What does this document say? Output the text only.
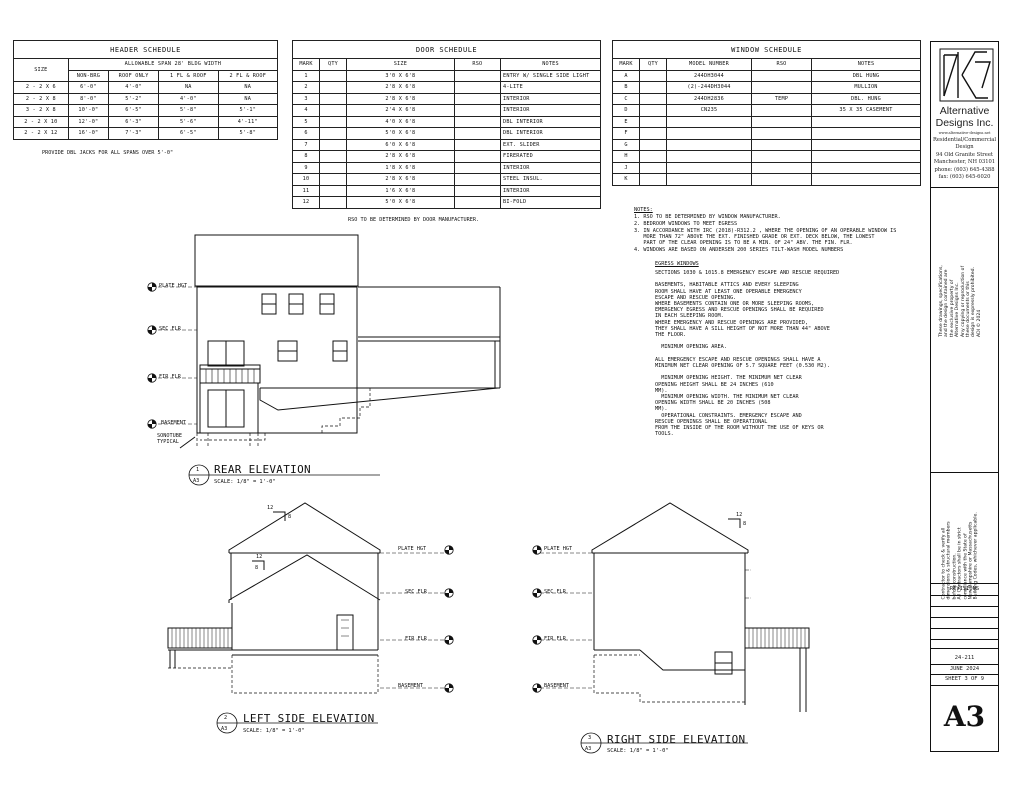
HEADER SCHEDULE				
SIZE	ALLOWABLE SPAN 28' BLDG WIDTH			
	NON-BRG	ROOF ONLY	1 FL & ROOF	2 FL & ROOF
2 - 2 X 6	6'-0"	4'-0"	NA	NA
2 - 2 X 8	8'-0"	5'-2"	4'-0"	NA
3 - 2 X 8	10'-0"	6'-5"	5'-8"	5'-1"
2 - 2 X 10	12'-0"	6'-3"	5'-6"	4'-11"
2 - 2 X 12	16'-0"	7'-3"	6'-5"	5'-8"
PROVIDE DBL JACKS FOR ALL SPANS OVER 5'-0"
DOOR SCHEDULE				
MARK	QTY	SIZE	RSO	NOTES
1		3'0 X 6'8		ENTRY W/ SINGLE SIDE LIGHT
2		2'8 X 6'8		4-LITE
3		2'8 X 6'8		INTERIOR
4		2'4 X 6'8		INTERIOR
5		4'0 X 6'8		DBL INTERIOR
6		5'0 X 6'8		DBL INTERIOR
7		6'0 X 6'8		EXT. SLIDER
8		2'8 X 6'8		FIRERATED
9		1'8 X 6'8		INTERIOR
10		2'8 X 6'8		STEEL INSUL.
11		1'6 X 6'8		INTERIOR
12		5'0 X 6'8		BI-FOLD
RSO TO BE DETERMINED BY DOOR MANUFACTURER.
WINDOW SCHEDULE				
MARK	QTY	MODEL NUMBER	RSO	NOTES
A		244DH3044		DBL HUNG
B		(2)-244DH3044		MULLION
C		244DH2836	TEMP	DBL. HUNG
D		CN235		35 X 35 CASEMENT
E				
F				
G				
H				
J				
K				
NOTES:
1. RSO TO BE DETERMINED BY WINDOW MANUFACTURER.
2. BEDROOM WINDOWS TO MEET EGRESS
3. IN ACCORDANCE WITH IRC (2018)-R312.2 , WHERE THE OPENING OF AN OPERABLE WINDOW IS
MORE THAN 72" ABOVE THE EXT. FINISHED GRADE OR EXT. DECK BELOW, THE LOWEST
PART OF THE CLEAR OPENING IS TO BE A MIN. OF 24" ABV. THE FIN. FLR.
4. WINDOWS ARE BASED ON ANDERSEN 200 SERIES TILT-WASH MODEL NUMBERS
EGRESS WINDOWS
SECTIONS 1030 & 1015.8 EMERGENCY ESCAPE AND RESCUE REQUIRED

BASEMENTS, HABITABLE ATTICS AND EVERY SLEEPING
ROOM SHALL HAVE AT LEAST ONE OPERABLE EMERGENCY
ESCAPE AND RESCUE OPENING.
WHERE BASEMENTS CONTAIN ONE OR MORE SLEEPING ROOMS,
EMERGENCY EGRESS AND RESCUE OPENINGS SHALL BE REQUIRED
IN EACH SLEEPING ROOM.
WHERE EMERGENCY AND RESCUE OPENINGS ARE PROVIDED,
THEY SHALL HAVE A SILL HEIGHT OF NOT MORE THAN 44" ABOVE
THE FLOOR.

MINIMUM OPENING AREA.

ALL EMERGENCY ESCAPE AND RESCUE OPENINGS SHALL HAVE A
MINIMUM NET CLEAR OPENING OF 5.7 SQUARE FEET (0.530 M2).

MINIMUM OPENING HEIGHT. THE MINIMUM NET CLEAR
OPENING HEIGHT SHALL BE 24 INCHES (610
MM).
MINIMUM OPENING WIDTH. THE MINIMUM NET CLEAR
OPENING WIDTH SHALL BE 20 INCHES (508
MM).
OPERATIONAL CONSTRAINTS. EMERGENCY ESCAPE AND
RESCUE OPENINGS SHALL BE OPERATIONAL
FROM THE INSIDE OF THE ROOM WITHOUT THE USE OF KEYS OR
TOOLS.
PLATE HGT
SEC FLR
FIR FLR
BASEMENT
SONOTUBE
TYPICAL
PLATE HGT
SEC FLR
FIR FLR
BASEMENT
PLATE HGT
SEC FLR
FIR FLR
BASEMENT
12
8
12
8
12
8
1
A3
REAR ELEVATION
SCALE: 1/8" = 1'-0"
2
A3
LEFT SIDE ELEVATION
SCALE: 1/8" = 1'-0"
3
A3
RIGHT SIDE ELEVATION
SCALE: 1/8" = 1'-0"
Alternative
Designs Inc.
www.alternative-designs.net
Residential/Commercial
Design
94 Old Granite Street
Manchester, NH 03101
phone: (603) 645-4388
fax: (603) 645-6020
These drawings, specifications,
and the design contained are
the exclusive property of
Alternative Designs Inc.
Any copying or reproduction of
these documents or this
design is expressly prohibited.
ADI © 2024
Contractor to check & verify all
dimensions & structural members
before construction.
All Contractors shall be in strict
compliance with the State of
New Hampshire or Massachusetts
Building Codes, whichever applicable.
REVISIONS
24-211
JUNE 2024
SHEET 3 OF 9
A3
